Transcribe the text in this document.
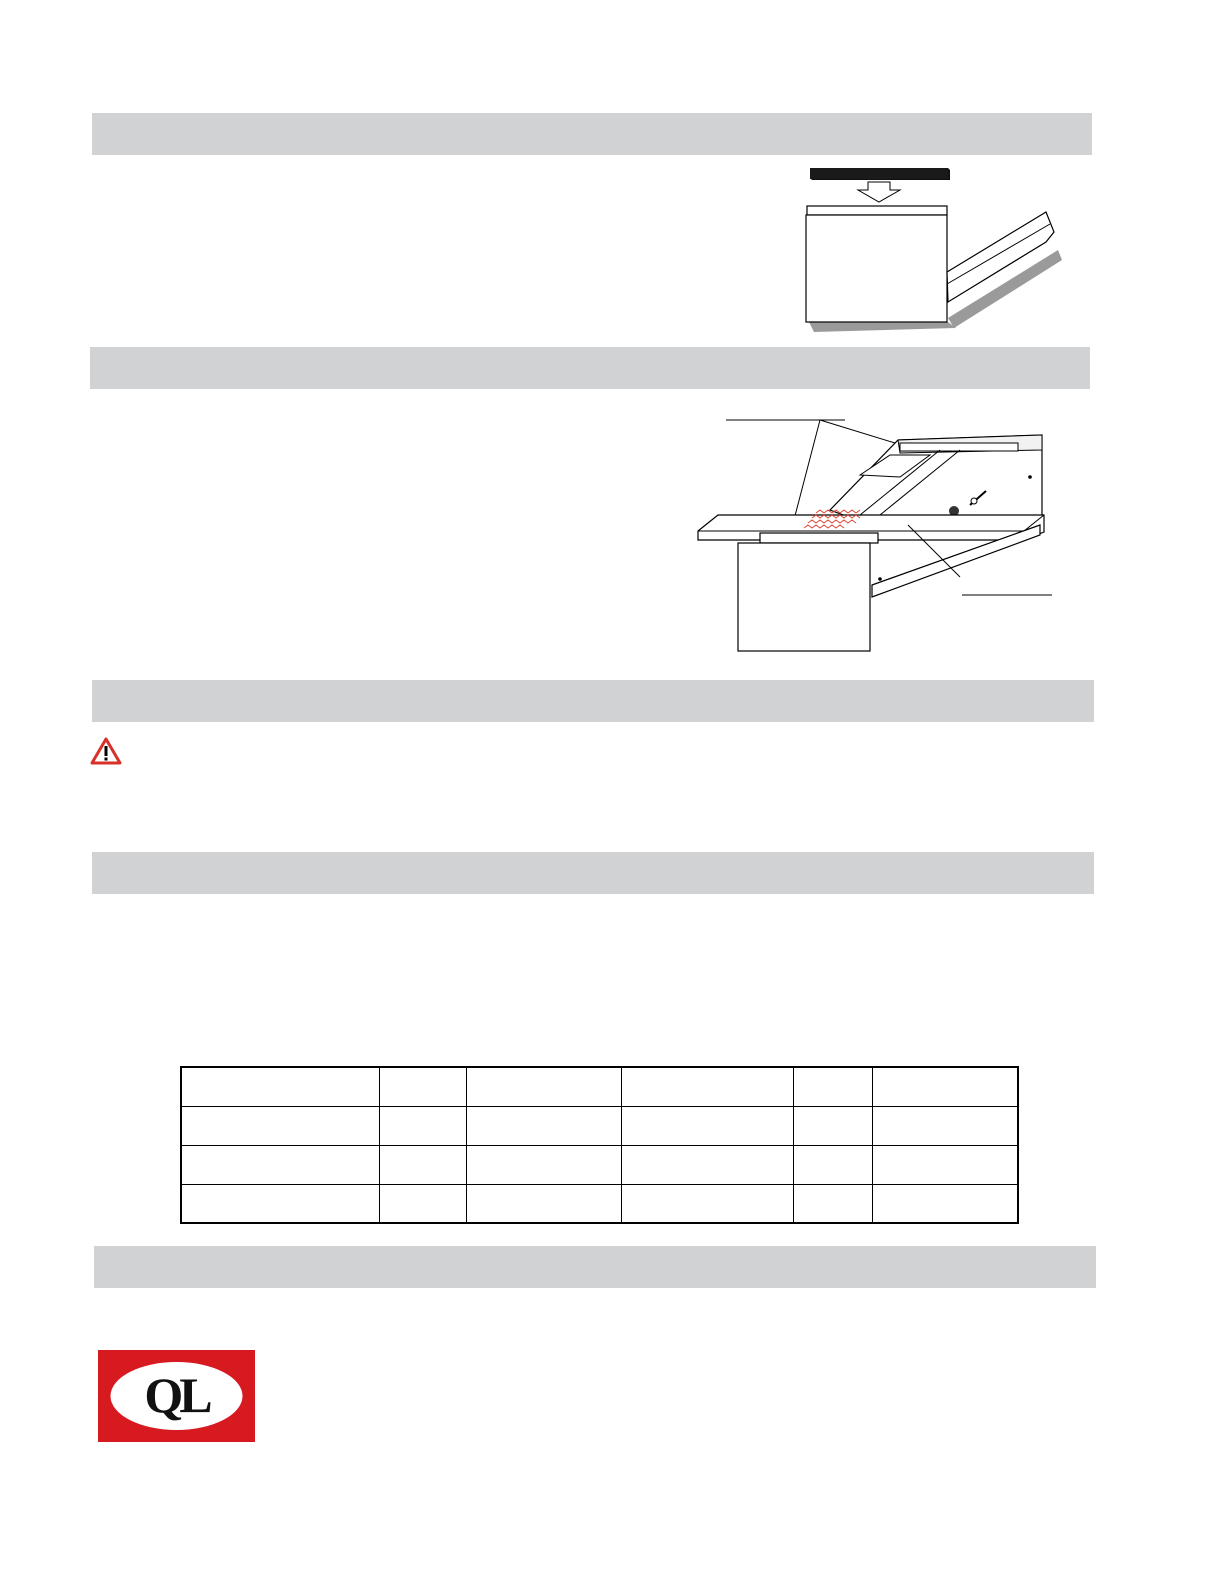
QL
